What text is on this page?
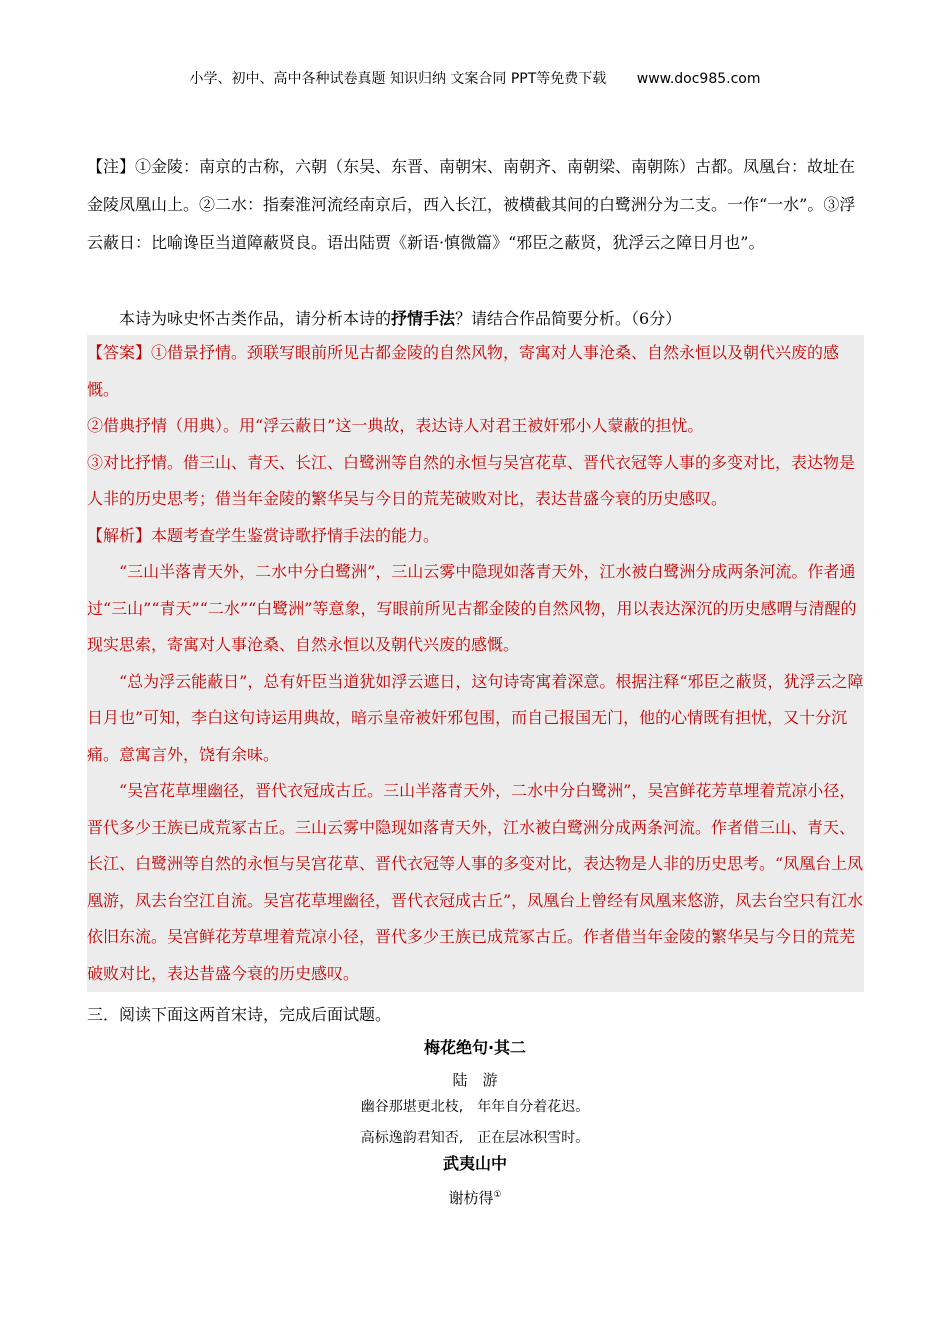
小学、初中、高中各种试卷真题 知识归纳 文案合同 PPT等免费下载 www.doc985.com

【注】①金陵：南京的古称，六朝（东吴、东晋、南朝宋、南朝齐、南朝梁、南朝陈）古都。凤凰台：故址在金陵凤凰山上。②二水：指秦淮河流经南京后，西入长江，被横截其间的白鹭洲分为二支。一作“一水”。③浮云蔽日：比喻谗臣当道障蔽贤良。语出陆贾《新语·慎微篇》“邪臣之蔽贤，犹浮云之障日月也”。

本诗为咏史怀古类作品，请分析本诗的抒情手法？请结合作品简要分析。（6分）

【答案】①借景抒情。颈联写眼前所见古都金陵的自然风物，寄寓对人事沧桑、自然永恒以及朝代兴废的感慨。

②借典抒情（用典）。用“浮云蔽日”这一典故，表达诗人对君王被奸邪小人蒙蔽的担忧。

③对比抒情。借三山、青天、长江、白鹭洲等自然的永恒与吴宫花草、晋代衣冠等人事的多变对比，表达物是人非的历史思考；借当年金陵的繁华吴与今日的荒芜破败对比，表达昔盛今衰的历史感叹。

【解析】本题考查学生鉴赏诗歌抒情手法的能力。

“三山半落青天外，二水中分白鹭洲”，三山云雾中隐现如落青天外，江水被白鹭洲分成两条河流。作者通过“三山”“青天”“二水”“白鹭洲”等意象，写眼前所见古都金陵的自然风物，用以表达深沉的历史感喟与清醒的现实思索，寄寓对人事沧桑、自然永恒以及朝代兴废的感慨。

“总为浮云能蔽日”，总有奸臣当道犹如浮云遮日，这句诗寄寓着深意。根据注释“邪臣之蔽贤，犹浮云之障日月也”可知，李白这句诗运用典故，暗示皇帝被奸邪包围，而自己报国无门，他的心情既有担忧，又十分沉痛。意寓言外，饶有余味。

“吴宫花草埋幽径，晋代衣冠成古丘。三山半落青天外，二水中分白鹭洲”，吴宫鲜花芳草埋着荒凉小径，晋代多少王族已成荒冢古丘。三山云雾中隐现如落青天外，江水被白鹭洲分成两条河流。作者借三山、青天、长江、白鹭洲等自然的永恒与吴宫花草、晋代衣冠等人事的多变对比，表达物是人非的历史思考。“凤凰台上凤凰游，凤去台空江自流。吴宫花草埋幽径，晋代衣冠成古丘”，凤凰台上曾经有凤凰来悠游，凤去台空只有江水依旧东流。吴宫鲜花芳草埋着荒凉小径，晋代多少王族已成荒冢古丘。作者借当年金陵的繁华吴与今日的荒芜破败对比，表达昔盛今衰的历史感叹。

三．阅读下面这两首宋诗，完成后面试题。

梅花绝句·其二
陆　游
幽谷那堪更北枝, 年年自分着花迟。
高标逸韵君知否, 正在层冰积雪时。
武夷山中
谢枋得①
